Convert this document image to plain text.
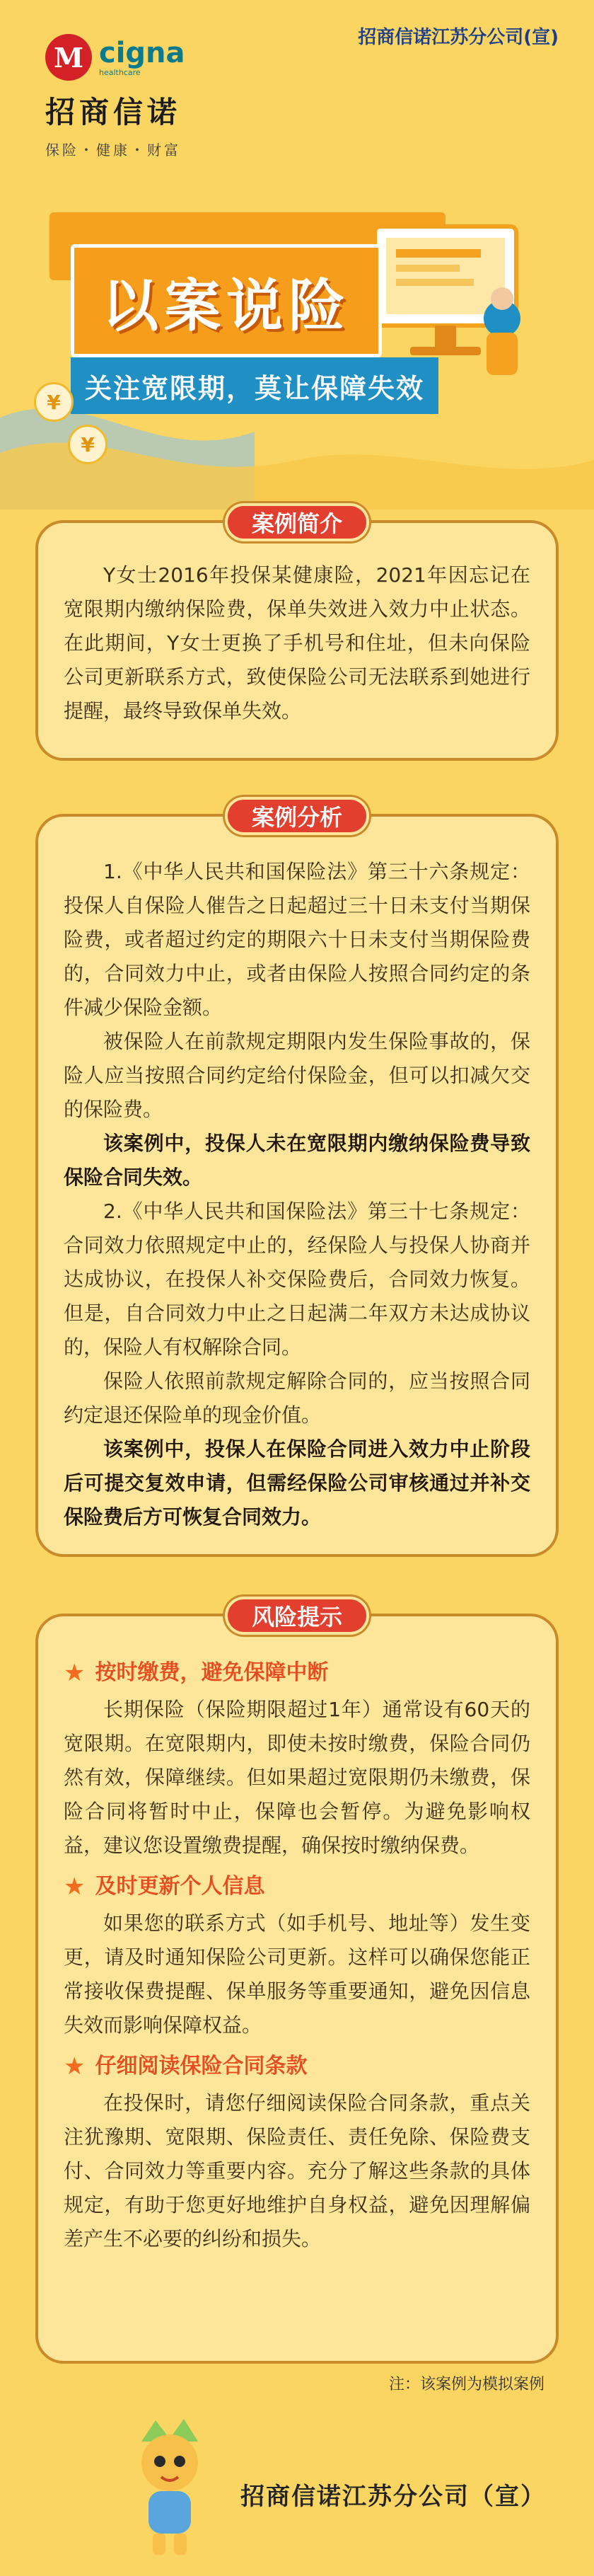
M cigna
healthcare
招商信诺
保险・健康・财富
招商信诺江苏分公司(宣)
以案说险
关注宽限期，莫让保障失效
¥
¥
案例简介

Y女士2016年投保某健康险，2021年因忘记在宽限期内缴纳保险费，保单失效进入效力中止状态。在此期间，Y女士更换了手机号和住址，但未向保险公司更新联系方式，致使保险公司无法联系到她进行提醒，最终导致保单失效。

案例分析

1.《中华人民共和国保险法》第三十六条规定：投保人自保险人催告之日起超过三十日未支付当期保险费，或者超过约定的期限六十日未支付当期保险费的，合同效力中止，或者由保险人按照合同约定的条件减少保险金额。

被保险人在前款规定期限内发生保险事故的，保险人应当按照合同约定给付保险金，但可以扣减欠交的保险费。

该案例中，投保人未在宽限期内缴纳保险费导致保险合同失效。

2.《中华人民共和国保险法》第三十七条规定：合同效力依照规定中止的，经保险人与投保人协商并达成协议，在投保人补交保险费后，合同效力恢复。但是，自合同效力中止之日起满二年双方未达成协议的，保险人有权解除合同。

保险人依照前款规定解除合同的，应当按照合同约定退还保险单的现金价值。

该案例中，投保人在保险合同进入效力中止阶段后可提交复效申请，但需经保险公司审核通过并补交保险费后方可恢复合同效力。

风险提示
★ 按时缴费，避免保障中断

长期保险（保险期限超过1年）通常设有60天的宽限期。在宽限期内，即使未按时缴费，保险合同仍然有效，保障继续。但如果超过宽限期仍未缴费，保险合同将暂时中止，保障也会暂停。为避免影响权益，建议您设置缴费提醒，确保按时缴纳保费。

★ 及时更新个人信息

如果您的联系方式（如手机号、地址等）发生变更，请及时通知保险公司更新。这样可以确保您能正常接收保费提醒、保单服务等重要通知，避免因信息失效而影响保障权益。

★ 仔细阅读保险合同条款

在投保时，请您仔细阅读保险合同条款，重点关注犹豫期、宽限期、保险责任、责任免除、保险费支付、合同效力等重要内容。充分了解这些条款的具体规定，有助于您更好地维护自身权益，避免因理解偏差产生不必要的纠纷和损失。

注：该案例为模拟案例
招商信诺江苏分公司（宣）
